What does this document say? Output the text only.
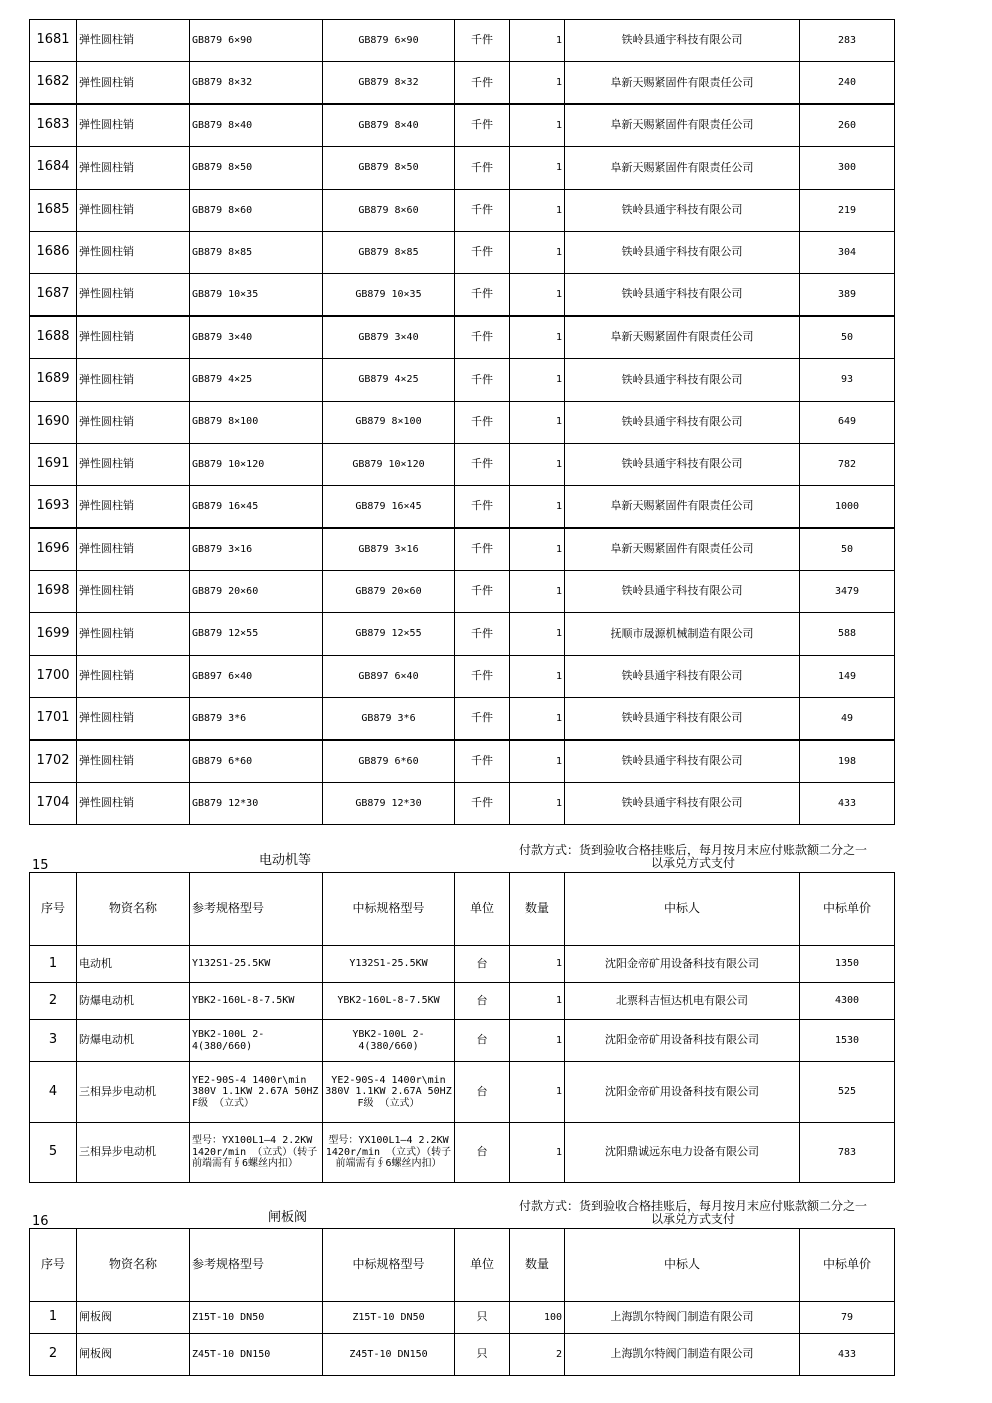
1681	弹性圆柱销	GB879 6×90	GB879 6×90	千件	1	铁岭县通宇科技有限公司	283
1682	弹性圆柱销	GB879 8×32	GB879 8×32	千件	1	阜新天赐紧固件有限责任公司	240
1683	弹性圆柱销	GB879 8×40	GB879 8×40	千件	1	阜新天赐紧固件有限责任公司	260
1684	弹性圆柱销	GB879 8×50	GB879 8×50	千件	1	阜新天赐紧固件有限责任公司	300
1685	弹性圆柱销	GB879 8×60	GB879 8×60	千件	1	铁岭县通宇科技有限公司	219
1686	弹性圆柱销	GB879 8×85	GB879 8×85	千件	1	铁岭县通宇科技有限公司	304
1687	弹性圆柱销	GB879 10×35	GB879 10×35	千件	1	铁岭县通宇科技有限公司	389
1688	弹性圆柱销	GB879 3×40	GB879 3×40	千件	1	阜新天赐紧固件有限责任公司	50
1689	弹性圆柱销	GB879 4×25	GB879 4×25	千件	1	铁岭县通宇科技有限公司	93
1690	弹性圆柱销	GB879 8×100	GB879 8×100	千件	1	铁岭县通宇科技有限公司	649
1691	弹性圆柱销	GB879 10×120	GB879 10×120	千件	1	铁岭县通宇科技有限公司	782
1693	弹性圆柱销	GB879 16×45	GB879 16×45	千件	1	阜新天赐紧固件有限责任公司	1000
1696	弹性圆柱销	GB879 3×16	GB879 3×16	千件	1	阜新天赐紧固件有限责任公司	50
1698	弹性圆柱销	GB879 20×60	GB879 20×60	千件	1	铁岭县通宇科技有限公司	3479
1699	弹性圆柱销	GB879 12×55	GB879 12×55	千件	1	抚顺市晟源机械制造有限公司	588
1700	弹性圆柱销	GB897 6×40	GB897 6×40	千件	1	铁岭县通宇科技有限公司	149
1701	弹性圆柱销	GB879 3*6	GB879 3*6	千件	1	铁岭县通宇科技有限公司	49
1702	弹性圆柱销	GB879 6*60	GB879 6*60	千件	1	铁岭县通宇科技有限公司	198
1704	弹性圆柱销	GB879 12*30	GB879 12*30	千件	1	铁岭县通宇科技有限公司	433
15	电动机等
付款方式：货到验收合格挂账后，每月按月末应付账款额二分之一
以承兑方式支付
序号	物资名称	参考规格型号	中标规格型号	单位	数量	中标人	中标单价
1	电动机	Y132S1-25.5KW	Y132S1-25.5KW	台	1	沈阳金帝矿用设备科技有限公司	1350
2	防爆电动机	YBK2-160L-8-7.5KW	YBK2-160L-8-7.5KW	台	1	北票科吉恒达机电有限公司	4300
3	防爆电动机	YBK2-100L 2-4(380/660)	YBK2-100L 2-4(380/660)	台	1	沈阳金帝矿用设备科技有限公司	1530
4	三相异步电动机	YE2-90S-4 1400r\min 380V 1.1KW 2.67A 50HZ F级 （立式）	YE2-90S-4 1400r\min 380V 1.1KW 2.67A 50HZ F级 （立式）	台	1	沈阳金帝矿用设备科技有限公司	525
5	三相异步电动机	型号：YX100L1—4 2.2KW 1420r/min （立式）（转子前端需有∮6螺丝内扣）	型号：YX100L1—4 2.2KW 1420r/min （立式）（转子前端需有∮6螺丝内扣）	台	1	沈阳鼎诚远东电力设备有限公司	783
16	闸板阀
付款方式：货到验收合格挂账后，每月按月末应付账款额二分之一
以承兑方式支付
序号	物资名称	参考规格型号	中标规格型号	单位	数量	中标人	中标单价
1	闸板阀	Z15T-10 DN50	Z15T-10 DN50	只	100	上海凯尔特阀门制造有限公司	79
2	闸板阀	Z45T-10 DN150	Z45T-10 DN150	只	2	上海凯尔特阀门制造有限公司	433
